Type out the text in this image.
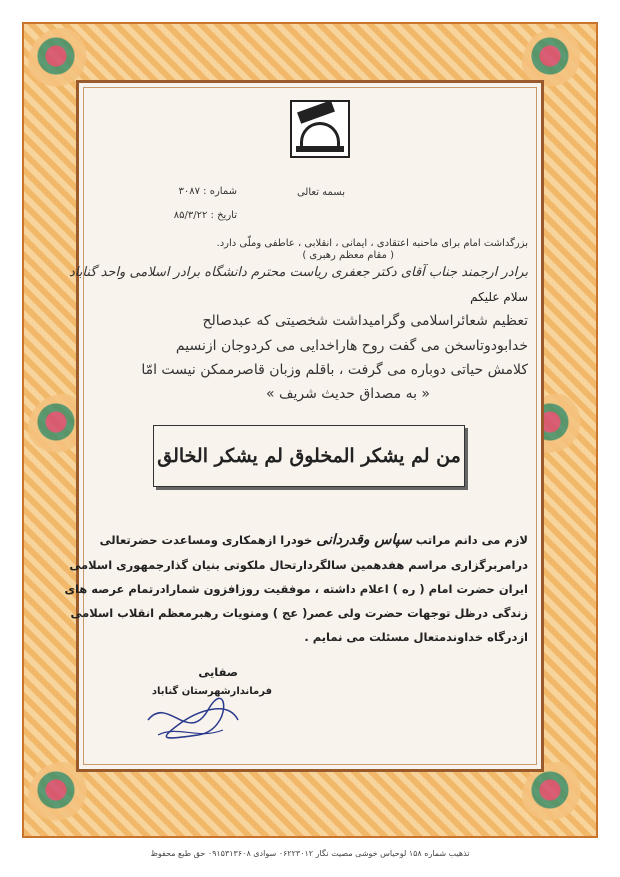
بسمه تعالی
شماره : ۳۰۸۷
تاریخ : ۸۵/۳/۲۲
بزرگداشت امام برای ماحنبه اعتقادی ، ایمانی ، انقلابی ، عاطفی وملّی دارد.
( مقام معظم رهبری )
برادر ارجمند جناب آقای دکتر جعفری ریاست محترم دانشگاه برادر اسلامی واحد گناباد
سلام علیکم
تعظیم شعائراسلامی وگرامیداشت شخصیتی که عبدصالح
خدابودوتاسخن می گفت روح هاراخدایی می کردوجان ازنسیم
کلامش حیاتی دوباره می گرفت ، باقلم وزبان قاصرممکن نیست امّا
« به مصداق حدیث شریف »
من لم یشکر المخلوق لم یشکر الخالق
لازم می دانم مراتب سپاس وقدردانی خودرا ازهمکاری ومساعدت حضرتعالی
درامربرگزاری مراسم هفدهمین سالگردارتحال ملکوتی بنیان گذارجمهوری اسلامی
ایران حضرت امام ( ره ) اعلام داشته ، موفقیت روزافزون شمارادرتمام عرصه های
زندگی درظل توجهات حضرت ولی عصر( عج ) ومنویات رهبرمعظم انقلاب اسلامی
ازدرگاه خداوندمتعال مسئلت می نمایم .
صفایی
فرماندارشهرستان گناباد
تذهیب شماره ۱۵۸ لوحیاس خوشی مصیت نگار ۰۶۲۲۳۰۱۲ سوادی ۰۹۱۵۳۱۳۶۰۸ حق طبع محفوظ
